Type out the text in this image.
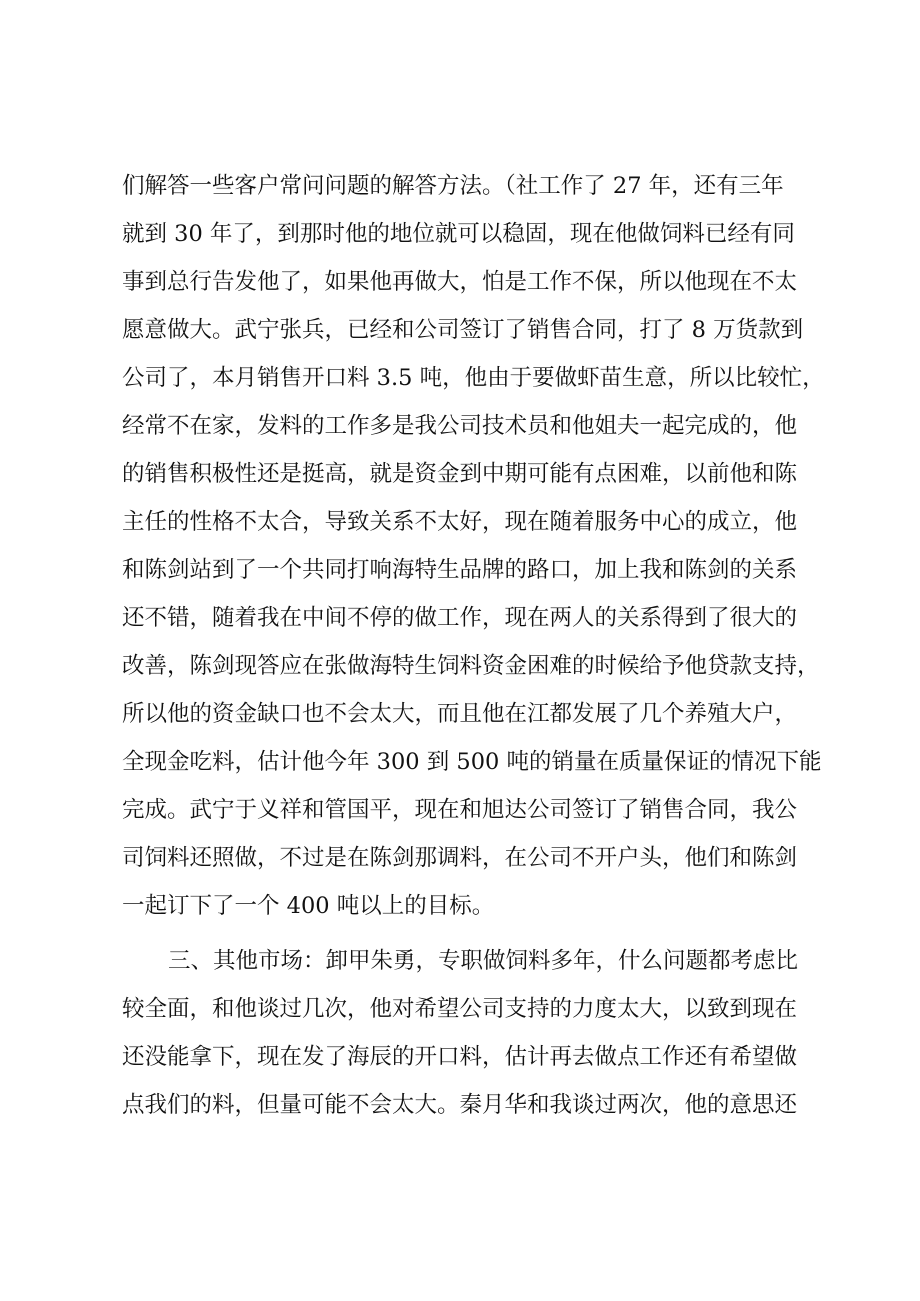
们解答一些客户常问问题的解答方法。（社工作了 27 年，还有三年
就到 30 年了，到那时他的地位就可以稳固，现在他做饲料已经有同
事到总行告发他了，如果他再做大，怕是工作不保，所以他现在不太
愿意做大。武宁张兵，已经和公司签订了销售合同，打了 8 万货款到
公司了，本月销售开口料 3.5 吨，他由于要做虾苗生意，所以比较忙，
经常不在家，发料的工作多是我公司技术员和他姐夫一起完成的，他
的销售积极性还是挺高，就是资金到中期可能有点困难，以前他和陈
主任的性格不太合，导致关系不太好，现在随着服务中心的成立，他
和陈剑站到了一个共同打响海特生品牌的路口，加上我和陈剑的关系
还不错，随着我在中间不停的做工作，现在两人的关系得到了很大的
改善，陈剑现答应在张做海特生饲料资金困难的时候给予他贷款支持，
所以他的资金缺口也不会太大，而且他在江都发展了几个养殖大户，
全现金吃料，估计他今年 300 到 500 吨的销量在质量保证的情况下能
完成。武宁于义祥和管国平，现在和旭达公司签订了销售合同，我公
司饲料还照做，不过是在陈剑那调料，在公司不开户头，他们和陈剑
一起订下了一个 400 吨以上的目标。
三、其他市场：卸甲朱勇，专职做饲料多年，什么问题都考虑比
较全面，和他谈过几次，他对希望公司支持的力度太大，以致到现在
还没能拿下，现在发了海辰的开口料，估计再去做点工作还有希望做
点我们的料，但量可能不会太大。秦月华和我谈过两次，他的意思还
